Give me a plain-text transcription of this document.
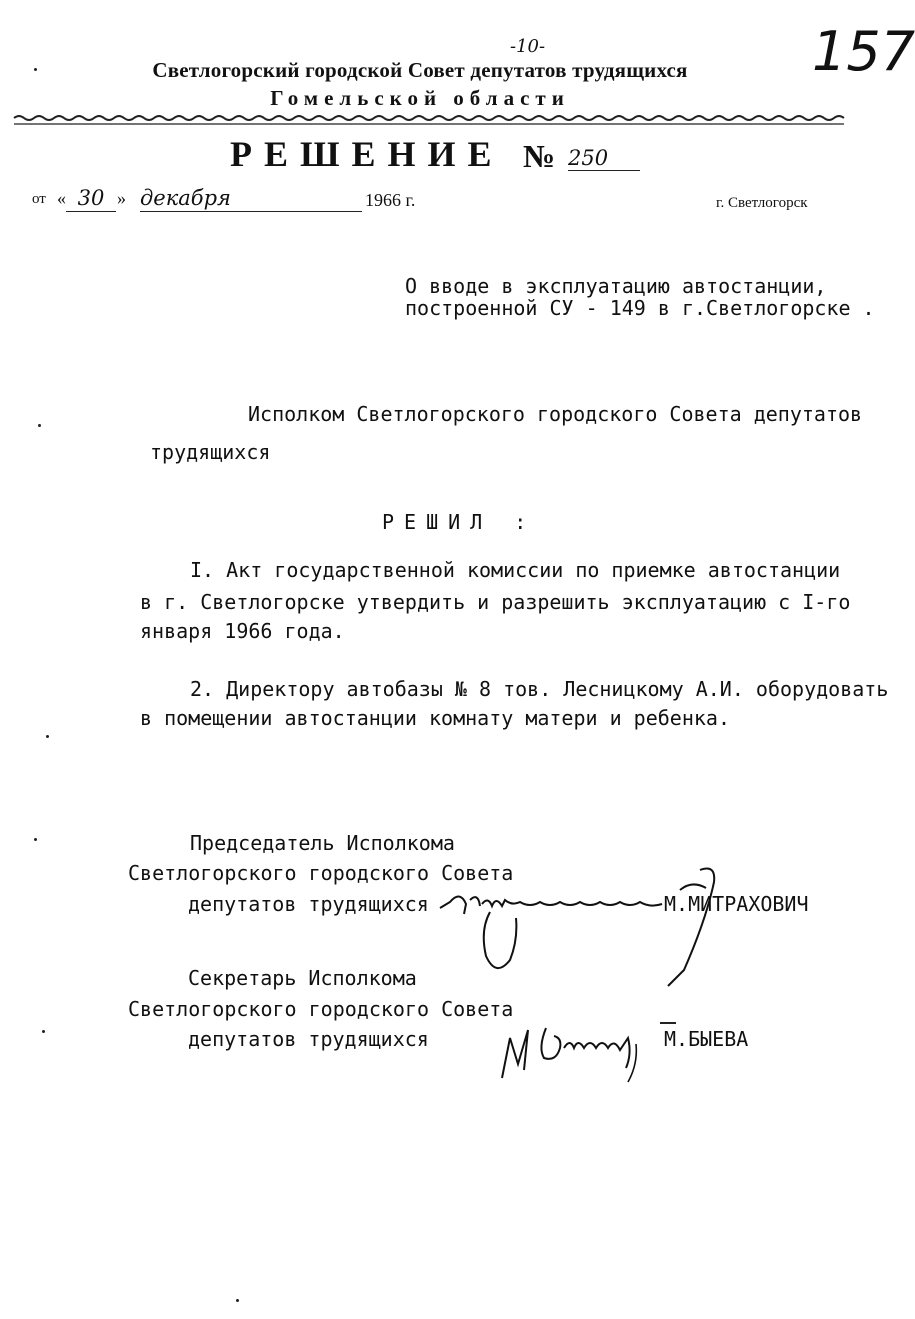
-10-	157
Светлогорский городской Совет депутатов трудящихся
Гомельской области
РЕШЕНИЕ № 250
от « 30 » декабря	1966 г.	г. Светлогорск
О вводе в эксплуатацию автостанции,
построенной СУ - 149 в г.Светлогорске .
Исполком Светлогорского городского Совета депутатов
трудящихся
РЕШИЛ :
I. Акт государственной комиссии по приемке автостанции
в г. Светлогорске утвердить и разрешить эксплуатацию с I-го
января 1966 года.
2. Директору автобазы № 8 тов. Лесницкому А.И. оборудовать
в помещении автостанции комнату матери и ребенка.
Председатель Исполкома
Светлогорского городского Совета
депутатов трудящихся	М.МИТРАХОВИЧ
Секретарь Исполкома
Светлогорского городского Совета
депутатов трудящихся	М.БЫЕВА
